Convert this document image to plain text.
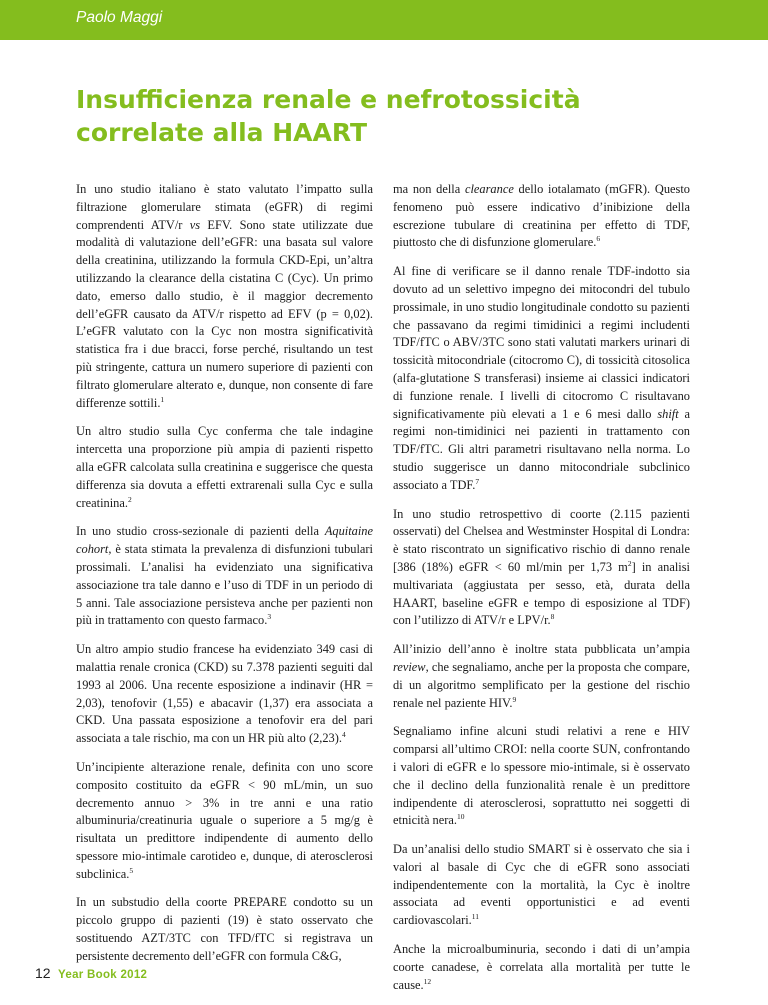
Paolo Maggi
Insufficienza renale e nefrotossicità
correlate alla HAART

In uno studio italiano è stato valutato l’impatto sulla filtrazione glomerulare stimata (eGFR) di regimi comprendenti ATV/r vs EFV. Sono state utilizzate due modalità di valutazione dell’eGFR: una basata sul valore della creatinina, utilizzando la formula CKD-Epi, un’altra utilizzando la clearance della cistatina C (Cyc). Un primo dato, emerso dallo studio, è il maggior decremento dell’eGFR causato da ATV/r rispetto ad EFV (p = 0,02). L’eGFR valutato con la Cyc non mostra significatività statistica fra i due bracci, forse perché, risultando un test più stringente, cattura un numero superiore di pazienti con filtrato glomerulare alterato e, dunque, non consente di fare differenze sottili.$^1$

Un altro studio sulla Cyc conferma che tale indagine intercetta una proporzione più ampia di pazienti rispetto alla eGFR calcolata sulla creatinina e suggerisce che questa differenza sia dovuta a effetti extrarenali sulla Cyc e sulla creatinina.$^2$

In uno studio cross-sezionale di pazienti della Aquitaine cohort, è stata stimata la prevalenza di disfunzioni tubulari prossimali. L’analisi ha evidenziato una significativa associazione tra tale danno e l’uso di TDF in un periodo di 5 anni. Tale associazione persisteva anche per pazienti non più in trattamento con questo farmaco.$^3$

Un altro ampio studio francese ha evidenziato 349 casi di malattia renale cronica (CKD) su 7.378 pazienti seguiti dal 1993 al 2006. Una recente esposizione a indinavir (HR = 2,03), tenofovir (1,55) e abacavir (1,37) era associata a CKD. Una passata esposizione a tenofovir era del pari associata a tale rischio, ma con un HR più alto (2,23).$^4$

Un’incipiente alterazione renale, definita con uno score composito costituito da eGFR < 90 mL/min, un suo decremento annuo > 3% in tre anni e una ratio albuminuria/creatinuria uguale o superiore a 5 mg/g è risultata un predittore indipendente di aumento dello spessore mio-intimale carotideo e, dunque, di aterosclerosi subclinica.$^5$

In un substudio della coorte PREPARE condotto su un piccolo gruppo di pazienti (19) è stato osservato che sostituendo AZT/3TC con TFD/fTC si registrava un persistente decremento dell’eGFR con formula C&G,

ma non della clearance dello iotalamato (mGFR). Questo fenomeno può essere indicativo d’inibizione della escrezione tubulare di creatinina per effetto di TDF, piuttosto che di disfunzione glomerulare.$^6$

Al fine di verificare se il danno renale TDF-indotto sia dovuto ad un selettivo impegno dei mitocondri del tubulo prossimale, in uno studio longitudinale condotto su pazienti che passavano da regimi timidinici a regimi includenti TDF/fTC o ABV/3TC sono stati valutati markers urinari di tossicità mitocondriale (citocromo C), di tossicità citosolica (alfa-glutatione S transferasi) insieme ai classici indicatori di funzione renale. I livelli di citocromo C risultavano significativamente più elevati a 1 e 6 mesi dallo shift a regimi non-timidinici nei pazienti in trattamento con TDF/fTC. Gli altri parametri risultavano nella norma. Lo studio suggerisce un danno mitocondriale subclinico associato a TDF.$^7$

In uno studio retrospettivo di coorte (2.115 pazienti osservati) del Chelsea and Westminster Hospital di Londra: è stato riscontrato un significativo rischio di danno renale [386 (18%) eGFR < 60 ml/min per 1,73 $m^2$] in analisi multivariata (aggiustata per sesso, età, durata della HAART, baseline eGFR e tempo di esposizione al TDF) con l’utilizzo di ATV/r e LPV/r.$^8$

All’inizio dell’anno è inoltre stata pubblicata un’ampia review, che segnaliamo, anche per la proposta che compare, di un algoritmo semplificato per la gestione del rischio renale nel paziente HIV.$^9$

Segnaliamo infine alcuni studi relativi a rene e HIV comparsi all’ultimo CROI: nella coorte SUN, confrontando i valori di eGFR e lo spessore mio-intimale, si è osservato che il declino della funzionalità renale è un predittore indipendente di aterosclerosi, soprattutto nei soggetti di etnicità nera.$^{10}$

Da un’analisi dello studio SMART si è osservato che sia i valori al basale di Cyc che di eGFR sono associati indipendentemente con la mortalità, la Cyc è inoltre associata ad eventi opportunistici e ad eventi cardiovascolari.$^{11}$

Anche la microalbuminuria, secondo i dati di un’ampia coorte canadese, è correlata alla mortalità per tutte le cause.$^{12}$

12 Year Book 2012
